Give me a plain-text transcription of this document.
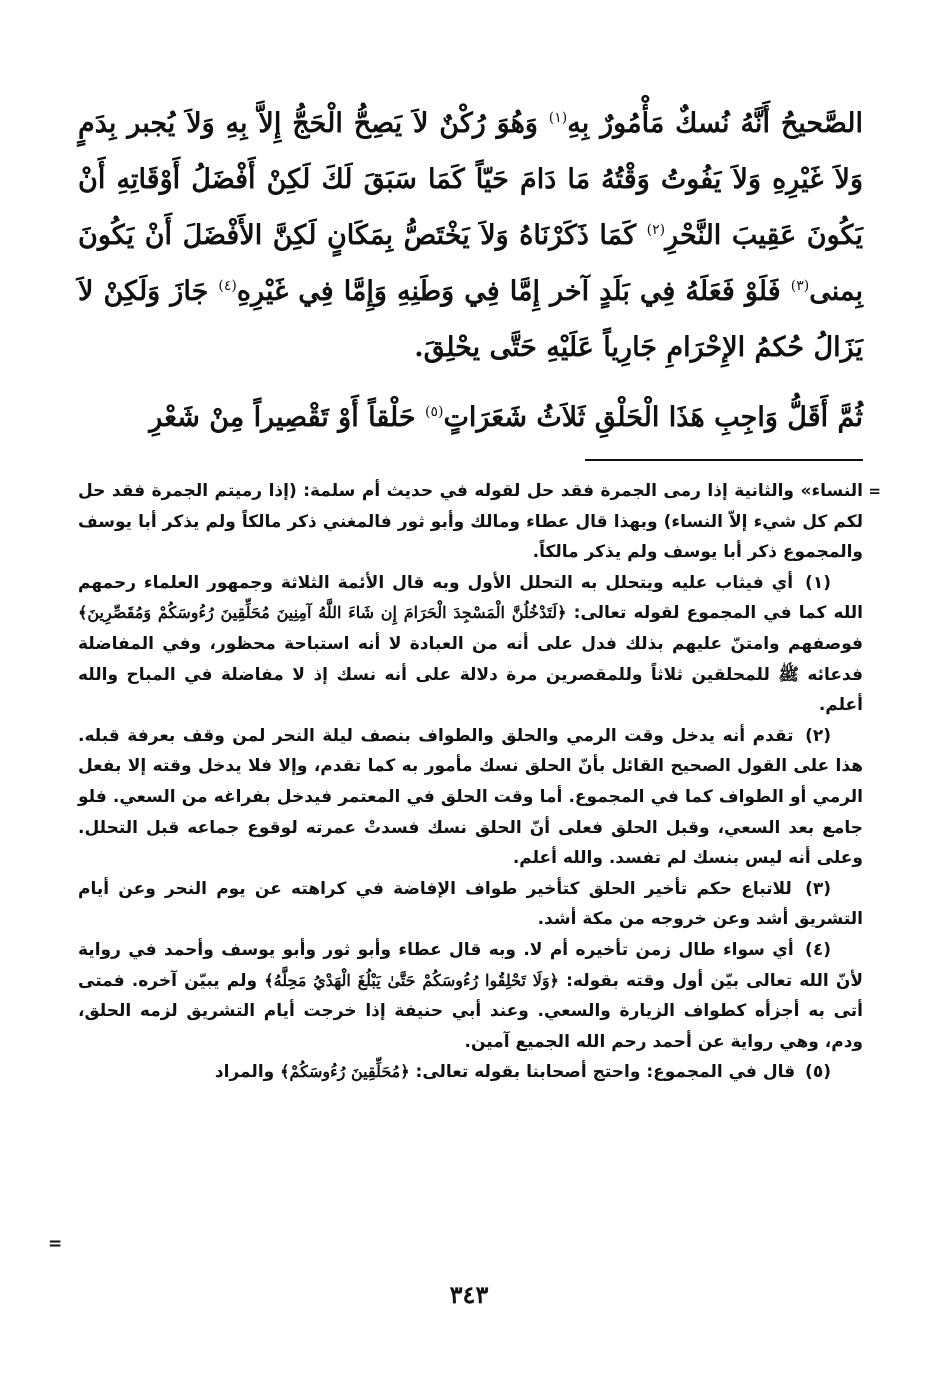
الصَّحيحُ أَنَّهُ نُسكٌ مَأْمُورٌ بِهِ$^{(١)}$ وَهُوَ رُكْنٌ لاَ يَصِحُّ الْحَجُّ إِلاَّ بِهِ وَلاَ يُجبر بِدَمٍ وَلاَ غَيْرِهِ وَلاَ يَفُوتُ وَقْتُهُ مَا دَامَ حَيّاً كَمَا سَبَقَ لَكَ لَكِنْ أَفْضَلُ أَوْقَاتِهِ أَنْ يَكُونَ عَقِيبَ النَّحْرِ$^{(٢)}$ كَمَا ذَكَرْنَاهُ وَلاَ يَخْتَصُّ بِمَكَانٍ لَكِنَّ الأَفْضَلَ أَنْ يَكُونَ بِمنى$^{(٣)}$ فَلَوْ فَعَلَهُ فِي بَلَدٍ آخر إِمَّا فِي وَطَنِهِ وَإِمَّا فِي غَيْرِهِ$^{(٤)}$ جَازَ وَلَكِنْ لاَ يَزَالُ حُكمُ الإِحْرَامِ جَارِياً عَلَيْهِ حَتَّى يحْلِقَ.

ثُمَّ أَقَلُّ وَاجِبِ هَذَا الْحَلْقِ ثَلاَثُ شَعَرَاتٍ$^{(٥)}$ حَلْقاً أَوْ تَقْصِيراً مِنْ شَعْرِ

=
النساء» والثانية إذا رمى الجمرة فقد حل لقوله في حديث أم سلمة: (إذا رميتم الجمرة فقد حل لكم كل شيء إلاّ النساء) وبهذا قال عطاء ومالك وأبو ثور فالمغني ذكر مالكاً ولم يذكر أبا يوسف والمجموع ذكر أبا يوسف ولم يذكر مالكاً.

(١) أي فيثاب عليه ويتحلل به التحلل الأول وبه قال الأئمة الثلاثة وجمهور العلماء رحمهم الله كما في المجموع لقوله تعالى: ﴿لَتَدْخُلُنَّ الْمَسْجِدَ الْحَرَامَ إِن شَاءَ اللَّهُ آمِنِينَ مُحَلِّقِينَ رُءُوسَكُمْ وَمُقَصِّرِينَ﴾ فوصفهم وامتنّ عليهم بذلك فدل على أنه من العبادة لا أنه استباحة محظور، وفي المفاضلة فدعائه ﷺ للمحلقين ثلاثاً وللمقصرين مرة دلالة على أنه نسك إذ لا مفاضلة في المباح والله أعلم.

(٢) تقدم أنه يدخل وقت الرمي والحلق والطواف بنصف ليلة النحر لمن وقف بعرفة قبله. هذا على القول الصحيح القائل بأنّ الحلق نسك مأمور به كما تقدم، وإلا فلا يدخل وقته إلا بفعل الرمي أو الطواف كما في المجموع. أما وقت الحلق في المعتمر فيدخل بفراغه من السعي. فلو جامع بعد السعي، وقبل الحلق فعلى أنّ الحلق نسك فسدتْ عمرته لوقوع جماعه قبل التحلل. وعلى أنه ليس بنسك لم تفسد. والله أعلم.

(٣) للاتباع حكم تأخير الحلق كتأخير طواف الإفاضة في كراهته عن يوم النحر وعن أيام التشريق أشد وعن خروجه من مكة أشد.

(٤) أي سواء طال زمن تأخيره أم لا. وبه قال عطاء وأبو ثور وأبو يوسف وأحمد في رواية لأنّ الله تعالى بيّن أول وقته بقوله: ﴿وَلَا تَحْلِقُوا رُءُوسَكُمْ حَتَّىٰ يَبْلُغَ الْهَدْيُ مَحِلَّهُ﴾ ولم يبيّن آخره. فمتى أتى به أجزأه كطواف الزيارة والسعي. وعند أبي حنيفة إذا خرجت أيام التشريق لزمه الحلق، ودم، وهي رواية عن أحمد رحم الله الجميع آمين.

(٥) قال في المجموع: واحتج أصحابنا بقوله تعالى: ﴿مُحَلِّقِينَ رُءُوسَكُمْ﴾ والمراد

=
٣٤٣
